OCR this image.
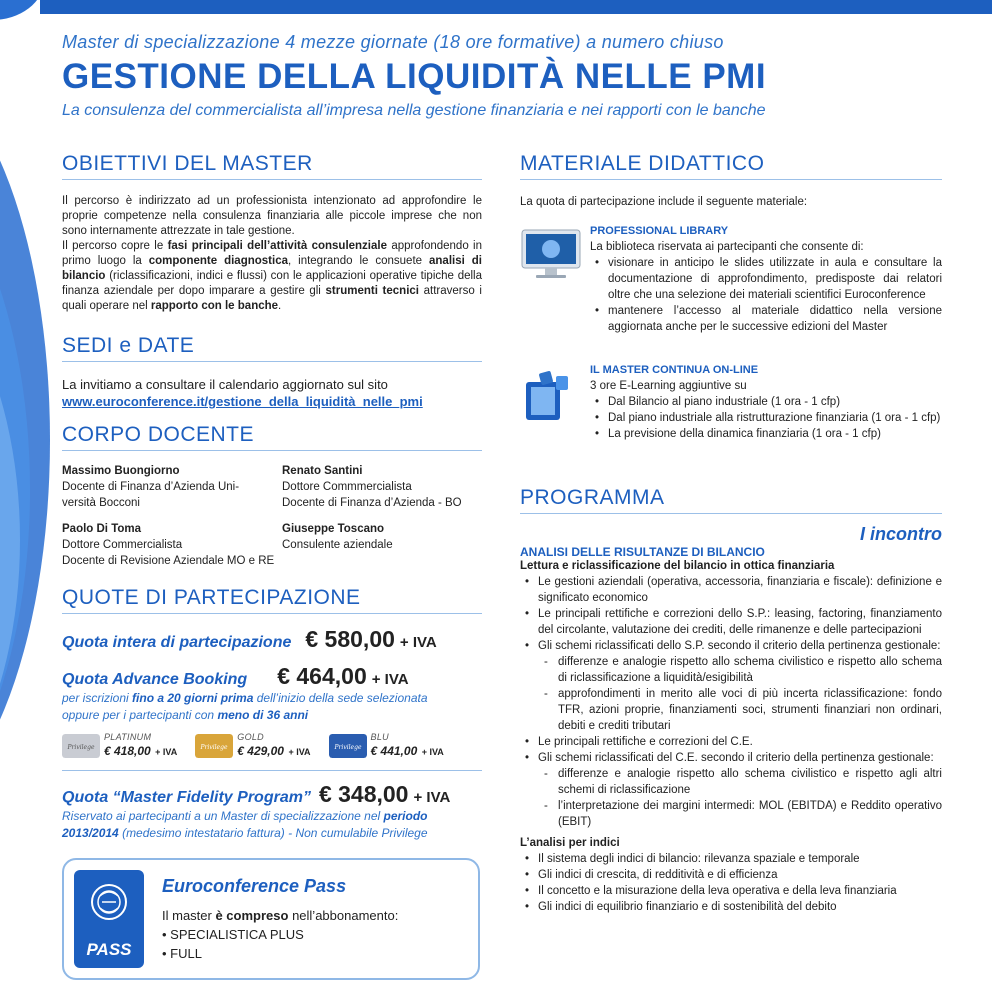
Master di specializzazione 4 mezze giornate (18 ore formative) a numero chiuso
GESTIONE DELLA LIQUIDITÀ NELLE PMI
La consulenza del commercialista all’impresa nella gestione finanziaria e nei rapporti con le banche
OBIETTIVI DEL MASTER

Il percorso è indirizzato ad un professionista intenzionato ad approfondire le proprie competenze nella consulenza finanziaria alle piccole imprese che non sono internamente attrezzate in tale gestione.

Il percorso copre le fasi principali dell’attività consulenziale approfondendo in primo luogo la componente diagnostica, integrando le consuete analisi di bilancio (riclassificazioni, indici e flussi) con le applicazioni operative tipiche della finanza aziendale per dopo imparare a gestire gli strumenti tecnici attraverso i quali operare nel rapporto con le banche.

SEDI e DATE
La invitiamo a consultare il calendario aggiornato sul sito
www.euroconference.it/gestione_della_liquidità_nelle_pmi
CORPO DOCENTE
Massimo Buongiorno
Docente di Finanza d’Azienda Uni-
versità Bocconi
Renato Santini
Dottore Commmercialista
Docente di Finanza d’Azienda - BO
Paolo Di Toma
Dottore Commercialista
Docente di Revisione Aziendale MO e RE
Giuseppe Toscano
Consulente aziendale
QUOTE DI PARTECIPAZIONE
Quota intera di partecipazione € 580,00 + IVA
Quota Advance Booking € 464,00 + IVA
per iscrizioni fino a 20 giorni prima dell’inizio della sede selezionata
oppure per i partecipanti con meno di 36 anni
Privilege
PLATINUM
€ 418,00 + IVA	Privilege
GOLD
€ 429,00 + IVA	Privilege
BLU
€ 441,00 + IVA
Quota “Master Fidelity Program” € 348,00 + IVA
Riservato ai partecipanti a un Master di specializzazione nel periodo 2013/2014 (medesimo intestatario fattura) - Non cumulabile Privilege
PASS
Euroconference Pass
Il master è compreso nell’abbonamento:
• SPECIALISTICA PLUS
• FULL
MATERIALE DIDATTICO
La quota di partecipazione include il seguente materiale:
PROFESSIONAL LIBRARY
La biblioteca riservata ai partecipanti che consente di:
• visionare in anticipo le slides utilizzate in aula e consultare la documentazione di approfondimento, predisposte dai relatori oltre che una selezione dei materiali scientifici Euroconference
• mantenere l’accesso al materiale didattico nella versione aggiornata anche per le successive edizioni del Master
IL MASTER CONTINUA ON-LINE
3 ore E-Learning aggiuntive su
• Dal Bilancio al piano industriale (1 ora - 1 cfp)
• Dal piano industriale alla ristrutturazione finanziaria (1 ora - 1 cfp)
• La previsione della dinamica finanziaria (1 ora - 1 cfp)
PROGRAMMA
I incontro
ANALISI DELLE RISULTANZE DI BILANCIO
Lettura e riclassificazione del bilancio in ottica finanziaria
• Le gestioni aziendali (operativa, accessoria, finanziaria e fiscale): definizione e significato economico
• Le principali rettifiche e correzioni dello S.P.: leasing, factoring, finanziamento del circolante, valutazione dei crediti, delle rimanenze e delle partecipazioni
• Gli schemi riclassificati dello S.P. secondo il criterio della pertinenza gestionale:
- differenze e analogie rispetto allo schema civilistico e rispetto allo schema di riclassificazione a liquidità/esigibilità
- approfondimenti in merito alle voci di più incerta riclassificazione: fondo TFR, azioni proprie, finanziamenti soci, strumenti finanziari non ordinari, debiti e crediti tributari
• Le principali rettifiche e correzioni del C.E.
• Gli schemi riclassificati del C.E. secondo il criterio della pertinenza gestionale:
- differenze e analogie rispetto allo schema civilistico e rispetto agli altri schemi di riclassificazione
- l’interpretazione dei margini intermedi: MOL (EBITDA) e Reddito operativo (EBIT)
L’analisi per indici
• Il sistema degli indici di bilancio: rilevanza spaziale e temporale
• Gli indici di crescita, di redditività e di efficienza
• Il concetto e la misurazione della leva operativa e della leva finanziaria
• Gli indici di equilibrio finanziario e di sostenibilità del debito
